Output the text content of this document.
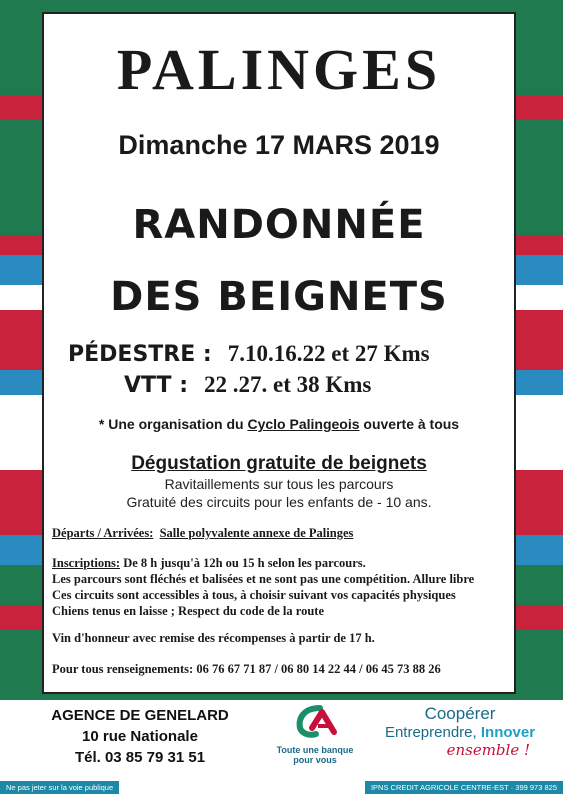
PALINGES
Dimanche 17 MARS 2019
RANDONNÉE
DES BEIGNETS
PÉDESTRE : 7.10.16.22 et 27 Kms
VTT : 22 .27. et 38 Kms
* Une organisation du Cyclo Palingeois ouverte à tous
Dégustation gratuite de beignets
Ravitaillements sur tous les parcours
Gratuité des circuits pour les enfants de - 10 ans.
Départs / Arrivées: Salle polyvalente annexe de Palinges
Inscriptions: De 8 h jusqu'à 12h ou 15 h selon les parcours.
Les parcours sont fléchés et balisées et ne sont pas une compétition. Allure libre
Ces circuits sont accessibles à tous, à choisir suivant vos capacités physiques
Chiens tenus en laisse ; Respect du code de la route
Vin d'honneur avec remise des récompenses à partir de 17 h.
Pour tous renseignements: 06 76 67 71 87 / 06 80 14 22 44 / 06 45 73 88 26
AGENCE DE GENELARD
10 rue Nationale
Tél. 03 85 79 31 51	Toute une banque
pour vous
Coopérer
Entreprendre, Innover
ensemble !
Ne pas jeter sur la voie publique	IPNS CREDIT AGRICOLE CENTRE-EST · 399 973 825
